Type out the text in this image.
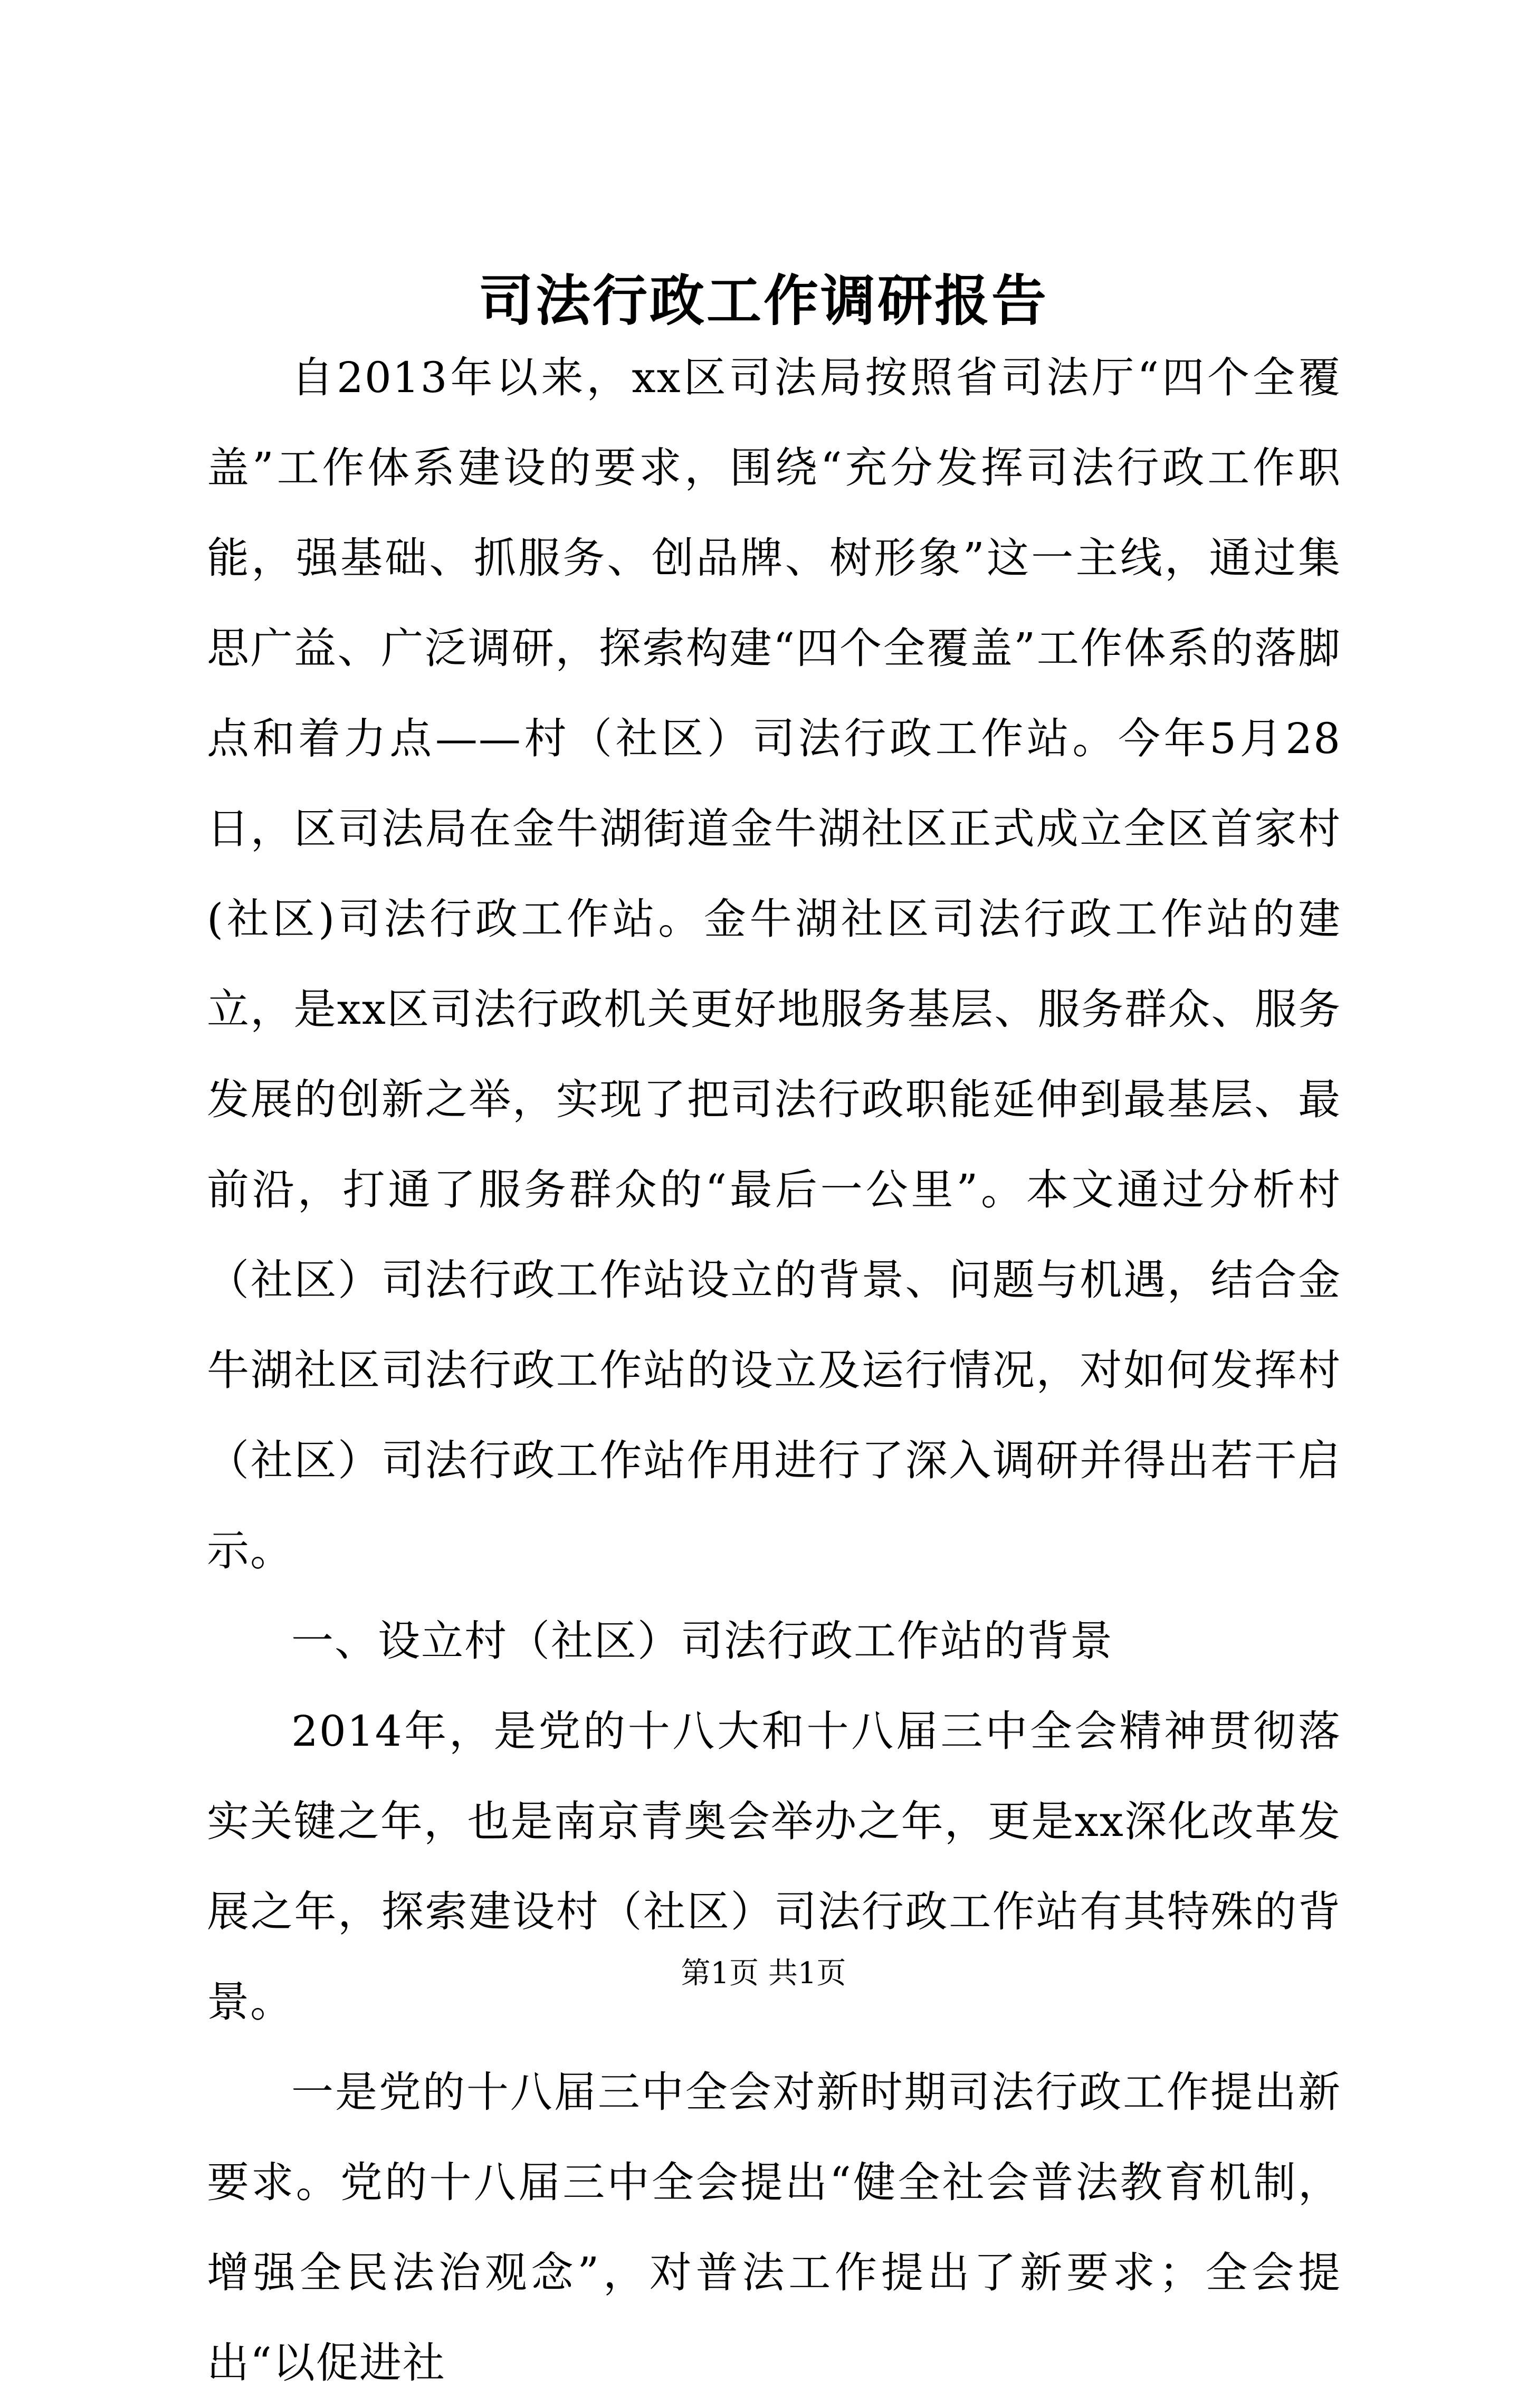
司法行政工作调研报告

自2013年以来，xx区司法局按照省司法厅“四个全覆盖”工作体系建设的要求，围绕“充分发挥司法行政工作职能，强基础、抓服务、创品牌、树形象”这一主线，通过集思广益、广泛调研，探索构建“四个全覆盖”工作体系的落脚点和着力点——村（社区）司法行政工作站。今年5月28日，区司法局在金牛湖街道金牛湖社区正式成立全区首家村(社区)司法行政工作站。金牛湖社区司法行政工作站的建立，是xx区司法行政机关更好地服务基层、服务群众、服务发展的创新之举，实现了把司法行政职能延伸到最基层、最前沿，打通了服务群众的“最后一公里”。本文通过分析村（社区）司法行政工作站设立的背景、问题与机遇，结合金牛湖社区司法行政工作站的设立及运行情况，对如何发挥村（社区）司法行政工作站作用进行了深入调研并得出若干启示。

一、设立村（社区）司法行政工作站的背景

2014年，是党的十八大和十八届三中全会精神贯彻落实关键之年，也是南京青奥会举办之年，更是xx深化改革发展之年，探索建设村（社区）司法行政工作站有其特殊的背景。

一是党的十八届三中全会对新时期司法行政工作提出新要求。党的十八届三中全会提出“健全社会普法教育机制，增强全民法治观念”，对普法工作提出了新要求；全会提出“以促进社

第1页 共1页
